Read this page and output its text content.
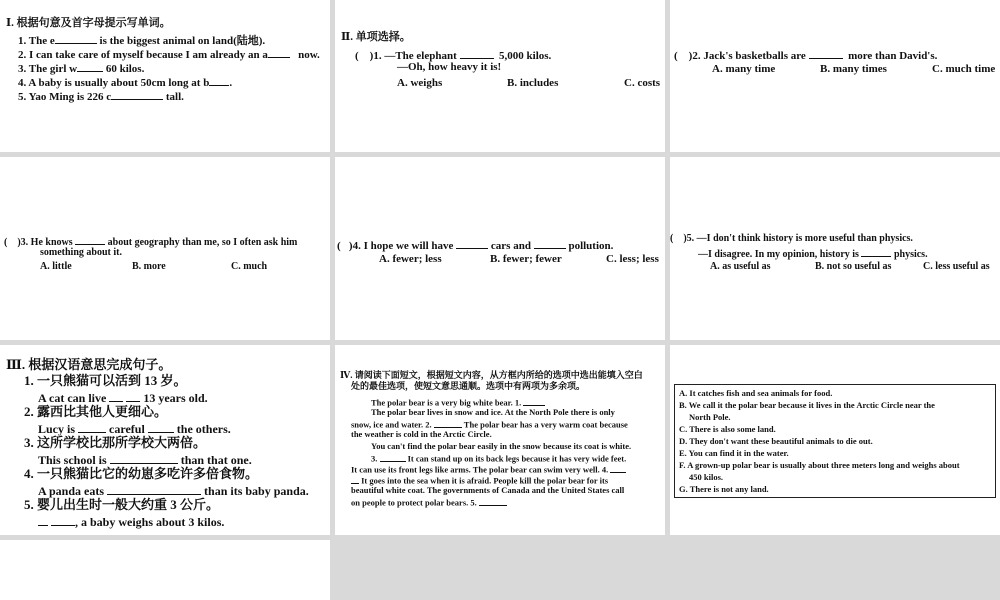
Ⅰ. 根据句意及首字母提示写单词。
1. The e	is the biggest animal on land(陆地).
2. I can take care of myself because I am already an a	now.
3. The girl w	60 kilos.
4. A baby is usually about 50cm long at b .
5. Yao Ming is 226 c	tall.
Ⅱ. 单项选择。
( )1. —The elephant	5,000 kilos.
—Oh, how heavy it is!
A. weighs	B. includes	C. costs
( )2. Jack's basketballs are	more than David's.
A. many time	B. many times	C. much time
( )3. He knows	about geography than me, so I often ask him
something about it.
A. little	B. more	C. much
( )4. I hope we will have	cars and	pollution.
A. fewer; less	B. fewer; fewer	C. less; less
( )5. —I don't think history is more useful than physics.
—I disagree. In my opinion, history is	physics.
A. as useful as	B. not so useful as	C. less useful as
Ⅲ. 根据汉语意思完成句子。
1. 一只熊猫可以活到 13 岁。
A cat can live	13 years old.
2. 露西比其他人更细心。
Lucy is	careful	the others.
3. 这所学校比那所学校大两倍。
This school is	than that one.
4. 一只熊猫比它的幼崽多吃许多倍食物。
A panda eats	than its baby panda.
5. 婴儿出生时一般大约重 3 公斤。
, a baby weighs about 3 kilos.
Ⅳ. 请阅读下面短文，根据短文内容，从方框内所给的选项中选出能填入空白
处的最佳选项，使短文意思通顺。选项中有两项为多余项。
The polar bear is a very big white bear. 1.
The polar bear lives in snow and ice. At the North Pole there is only
snow, ice and water. 2.	The polar bear has a very warm coat because
the weather is cold in the Arctic Circle.
You can't find the polar bear easily in the snow because its coat is white.
3.	It can stand up on its back legs because it has very wide feet.
It can use its front legs like arms. The polar bear can swim very well. 4.
It goes into the sea when it is afraid. People kill the polar bear for its
beautiful white coat. The governments of Canada and the United States call
on people to protect polar bears. 5.
A. It catches fish and sea animals for food.
B. We call it the polar bear because it lives in the Arctic Circle near the
North Pole.
C. There is also some land.
D. They don't want these beautiful animals to die out.
E. You can find it in the water.
F. A grown-up polar bear is usually about three meters long and weighs about
450 kilos.
G. There is not any land.
